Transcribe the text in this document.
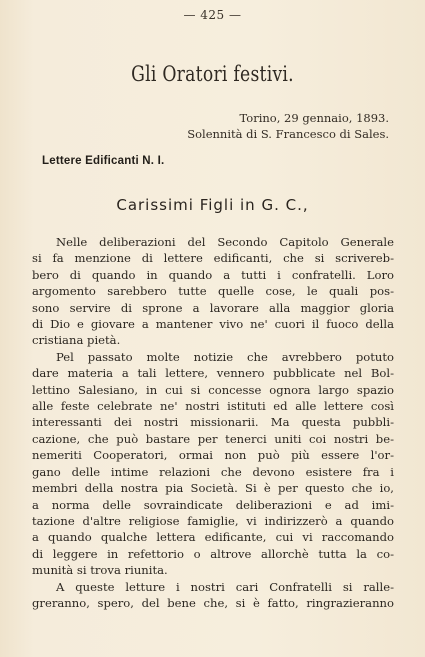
— 425 —
Gli Oratori festivi.
Torino, 29 gennaio, 1893.
Solennità di S. Francesco di Sales.
Lettere Edificanti N. I.
Carissimi Figli in G. C.,
Nelle deliberazioni del Secondo Capitolo Generale
si fa menzione di lettere edificanti, che si scrivereb-
bero di quando in quando a tutti i confratelli. Loro
argomento sarebbero tutte quelle cose, le quali pos-
sono servire di sprone a lavorare alla maggior gloria
di Dio e giovare a mantener vivo ne' cuori il fuoco della
cristiana pietà.
Pel passato molte notizie che avrebbero potuto
dare materia a tali lettere, vennero pubblicate nel Bol-
lettino Salesiano, in cui si concesse ognora largo spazio
alle feste celebrate ne' nostri istituti ed alle lettere così
interessanti dei nostri missionarii. Ma questa pubbli-
cazione, che può bastare per tenerci uniti coi nostri be-
nemeriti Cooperatori, ormai non può più essere l'or-
gano delle intime relazioni che devono esistere fra i
membri della nostra pia Società. Si è per questo che io,
a norma delle sovraindicate deliberazioni e ad imi-
tazione d'altre religiose famiglie, vi indirizzerò a quando
a quando qualche lettera edificante, cui vi raccomando
di leggere in refettorio o altrove allorchè tutta la co-
munità si trova riunita.
A queste letture i nostri cari Confratelli si ralle-
greranno, spero, del bene che, si è fatto, ringrazieranno
